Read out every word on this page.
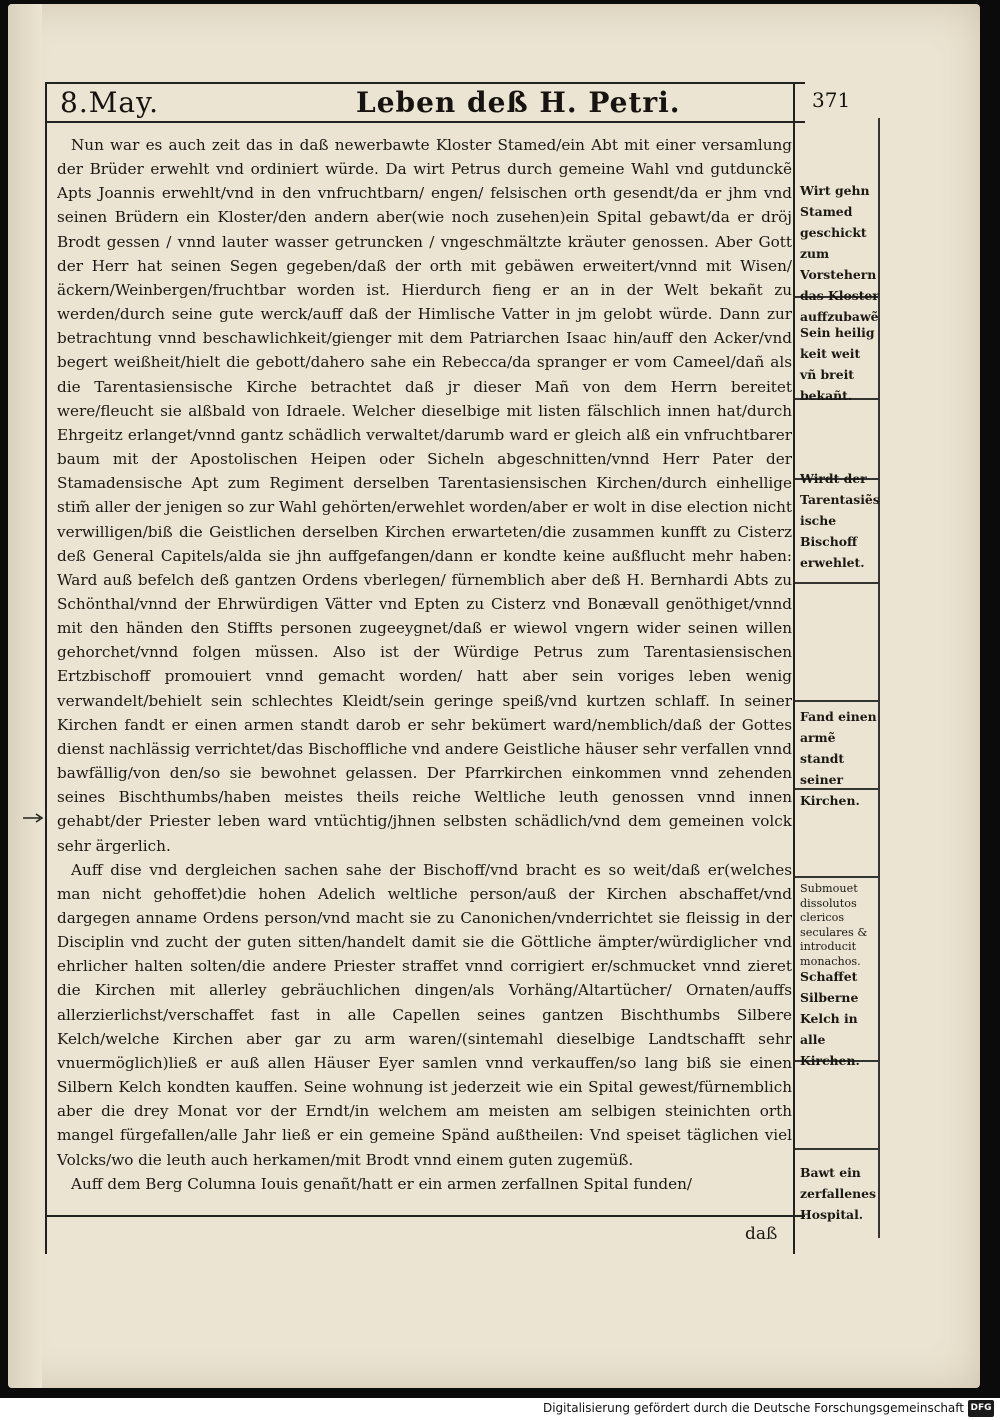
8.May.	Leben deß H. Petri.	371

Nun war es auch zeit das in daß newerbawte Kloster Stamed/ein Abt mit einer versamlung der Brüder erwehlt vnd ordiniert würde. Da wirt Petrus durch gemeine Wahl vnd gutdunckẽ Apts Joannis erwehlt/vnd in den vnfruchtbarn/ engen/ felsischen orth gesendt/da er jhm vnd seinen Brüdern ein Kloster/den andern aber(wie noch zusehen)ein Spital gebawt/da er dröj Brodt gessen / vnnd lauter wasser getruncken / vngeschmältzte kräuter genossen. Aber Gott der Herr hat seinen Segen gegeben/daß der orth mit gebäwen erweitert/vnnd mit Wisen/äckern/Weinbergen/fruchtbar worden ist. Hierdurch fieng er an in der Welt bekañt zu werden/durch seine gute werck/auff daß der Himlische Vatter in jm gelobt würde. Dann zur betrachtung vnnd beschawlichkeit/gienger mit dem Patriarchen Isaac hin/auff den Acker/vnd begert weißheit/hielt die gebott/dahero sahe ein Rebecca/da spranger er vom Cameel/dañ als die Tarentasiensische Kirche betrachtet daß jr dieser Mañ von dem Herrn bereitet were/fleucht sie alßbald von Idraele. Welcher dieselbige mit listen fälschlich innen hat/durch Ehrgeitz erlanget/vnnd gantz schädlich verwaltet/darumb ward er gleich alß ein vnfruchtbarer baum mit der Apostolischen Heipen oder Sicheln abgeschnitten/vnnd Herr Pater der Stamadensische Apt zum Regiment derselben Tarentasiensischen Kirchen/durch einhellige stim̃ aller der jenigen so zur Wahl gehörten/erwehlet worden/aber er wolt in dise election nicht verwilligen/biß die Geistlichen derselben Kirchen erwarteten/die zusammen kunfft zu Cisterz deß General Capitels/alda sie jhn auffgefangen/dann er kondte keine außflucht mehr haben: Ward auß befelch deß gantzen Ordens vberlegen/ fürnemblich aber deß H. Bernhardi Abts zu Schönthal/vnnd der Ehrwürdigen Vätter vnd Epten zu Cisterz vnd Bonævall genöthiget/vnnd mit den händen den Stiffts personen zugeeygnet/daß er wiewol vngern wider seinen willen gehorchet/vnnd folgen müssen. Also ist der Würdige Petrus zum Tarentasiensischen Ertzbischoff promouiert vnnd gemacht worden/ hatt aber sein voriges leben wenig verwandelt/behielt sein schlechtes Kleidt/sein geringe speiß/vnd kurtzen schlaff. In seiner Kirchen fandt er einen armen standt darob er sehr bekümert ward/nemblich/daß der Gottes dienst nachlässig verrichtet/das Bischoffliche vnd andere Geistliche häuser sehr verfallen vnnd bawfällig/von den/so sie bewohnet gelassen. Der Pfarrkirchen einkommen vnnd zehenden seines Bischthumbs/haben meistes theils reiche Weltliche leuth genossen vnnd innen gehabt/der Priester leben ward vntüchtig/jhnen selbsten schädlich/vnd dem gemeinen volck sehr ärgerlich.

Auff dise vnd dergleichen sachen sahe der Bischoff/vnd bracht es so weit/daß er(welches man nicht gehoffet)die hohen Adelich weltliche person/auß der Kirchen abschaffet/vnd dargegen anname Ordens person/vnd macht sie zu Canonichen/vnderrichtet sie fleissig in der Disciplin vnd zucht der guten sitten/handelt damit sie die Göttliche ämpter/würdiglicher vnd ehrlicher halten solten/die andere Priester straffet vnnd corrigiert er/schmucket vnnd zieret die Kirchen mit allerley gebräuchlichen dingen/als Vorhäng/Altartücher/ Ornaten/auffs allerzierlichst/verschaffet fast in alle Capellen seines gantzen Bischthumbs Silbere Kelch/welche Kirchen aber gar zu arm waren/(sintemahl dieselbige Landtschafft sehr vnuermöglich)ließ er auß allen Häuser Eyer samlen vnnd verkauffen/so lang biß sie einen Silbern Kelch kondten kauffen. Seine wohnung ist jederzeit wie ein Spital gewest/fürnemblich aber die drey Monat vor der Erndt/in welchem am meisten am selbigen steinichten orth mangel fürgefallen/alle Jahr ließ er ein gemeine Spänd außtheilen: Vnd speiset täglichen viel Volcks/wo die leuth auch herkamen/mit Brodt vnnd einem guten zugemüß.

Auff dem Berg Columna Iouis genañt/hatt er ein armen zerfallnen Spital funden/

daß
Wirt gehn Stamed geschickt zum Vorstehern das Kloster auffzubawẽ
Sein heilig keit weit vñ breit bekañt.
Wirdt der Tarentasiẽsische Bischoff erwehlet.
Fand einen armẽ standt seiner Kirchen.
Submouet dissolutos clericos seculares & introducit monachos.
Schaffet Silberne Kelch in alle Kirchen.
Bawt ein zerfallenes Hospital.
Digitalisierung gefördert durch die Deutsche Forschungsgemeinschaft DFG
